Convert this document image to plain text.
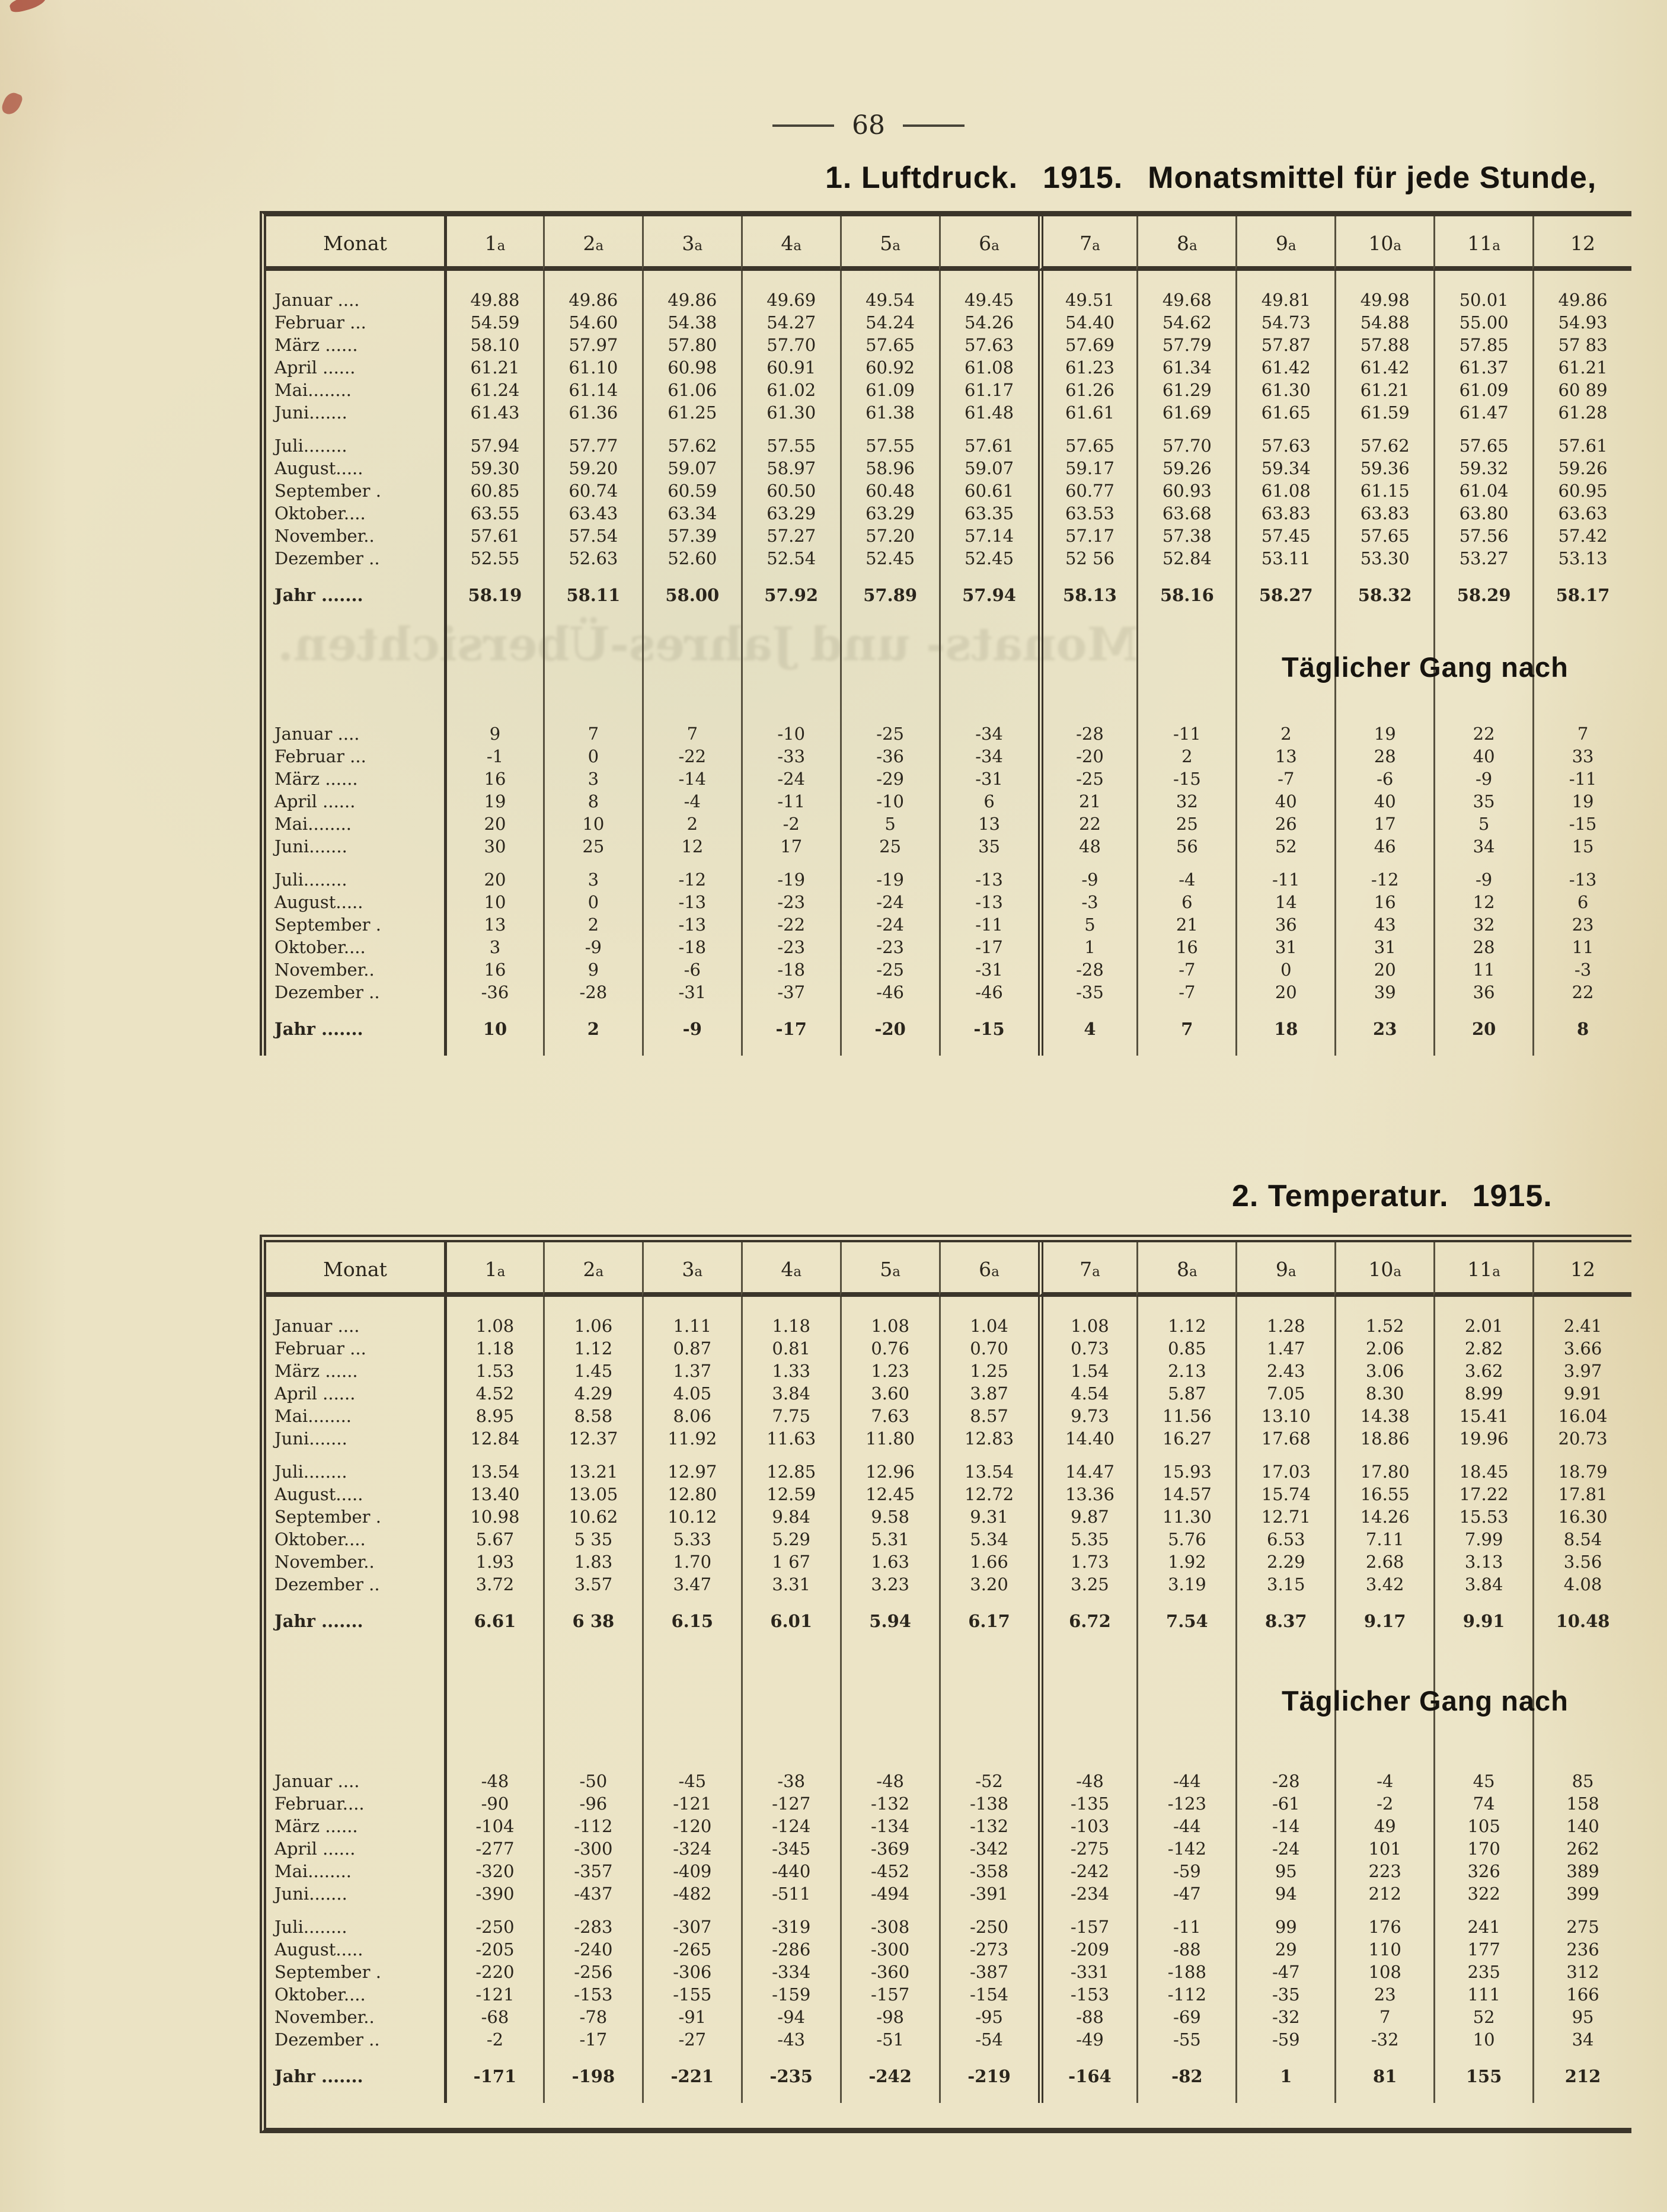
68
1. Luftdruck. 1915. Monatsmittel für jede Stunde,
Monats- und Jahres-Übersichten.
Monat	1a	2a	3a	4a	5a	6a	7a	8a	9a	10a	11a	12
Januar ....	49.88	49.86	49.86	49.69	49.54	49.45	49.51	49.68	49.81	49.98	50.01	49.86
Februar ...	54.59	54.60	54.38	54.27	54.24	54.26	54.40	54.62	54.73	54.88	55.00	54.93
März ......	58.10	57.97	57.80	57.70	57.65	57.63	57.69	57.79	57.87	57.88	57.85	57 83
April ......	61.21	61.10	60.98	60.91	60.92	61.08	61.23	61.34	61.42	61.42	61.37	61.21
Mai........	61.24	61.14	61.06	61.02	61.09	61.17	61.26	61.29	61.30	61.21	61.09	60 89
Juni.......	61.43	61.36	61.25	61.30	61.38	61.48	61.61	61.69	61.65	61.59	61.47	61.28
Juli........	57.94	57.77	57.62	57.55	57.55	57.61	57.65	57.70	57.63	57.62	57.65	57.61
August.....	59.30	59.20	59.07	58.97	58.96	59.07	59.17	59.26	59.34	59.36	59.32	59.26
September .	60.85	60.74	60.59	60.50	60.48	60.61	60.77	60.93	61.08	61.15	61.04	60.95
Oktober....	63.55	63.43	63.34	63.29	63.29	63.35	63.53	63.68	63.83	63.83	63.80	63.63
November..	57.61	57.54	57.39	57.27	57.20	57.14	57.17	57.38	57.45	57.65	57.56	57.42
Dezember ..	52.55	52.63	52.60	52.54	52.45	52.45	52 56	52.84	53.11	53.30	53.27	53.13
Jahr .......	58.19	58.11	58.00	57.92	57.89	57.94	58.13	58.16	58.27	58.32	58.29	58.17
Januar ....	9	7	7	-10	-25	-34	-28	-11	2	19	22	7
Februar ...	-1	0	-22	-33	-36	-34	-20	2	13	28	40	33
März ......	16	3	-14	-24	-29	-31	-25	-15	-7	-6	-9	-11
April ......	19	8	-4	-11	-10	6	21	32	40	40	35	19
Mai........	20	10	2	-2	5	13	22	25	26	17	5	-15
Juni.......	30	25	12	17	25	35	48	56	52	46	34	15
Juli........	20	3	-12	-19	-19	-13	-9	-4	-11	-12	-9	-13
August.....	10	0	-13	-23	-24	-13	-3	6	14	16	12	6
September .	13	2	-13	-22	-24	-11	5	21	36	43	32	23
Oktober....	3	-9	-18	-23	-23	-17	1	16	31	31	28	11
November..	16	9	-6	-18	-25	-31	-28	-7	0	20	11	-3
Dezember ..	-36	-28	-31	-37	-46	-46	-35	-7	20	39	36	22
Jahr .......	10	2	-9	-17	-20	-15	4	7	18	23	20	8
Täglicher Gang nach
2. Temperatur. 1915.
Monat	1a	2a	3a	4a	5a	6a	7a	8a	9a	10a	11a	12
Januar ....	1.08	1.06	1.11	1.18	1.08	1.04	1.08	1.12	1.28	1.52	2.01	2.41
Februar ...	1.18	1.12	0.87	0.81	0.76	0.70	0.73	0.85	1.47	2.06	2.82	3.66
März ......	1.53	1.45	1.37	1.33	1.23	1.25	1.54	2.13	2.43	3.06	3.62	3.97
April ......	4.52	4.29	4.05	3.84	3.60	3.87	4.54	5.87	7.05	8.30	8.99	9.91
Mai........	8.95	8.58	8.06	7.75	7.63	8.57	9.73	11.56	13.10	14.38	15.41	16.04
Juni.......	12.84	12.37	11.92	11.63	11.80	12.83	14.40	16.27	17.68	18.86	19.96	20.73
Juli........	13.54	13.21	12.97	12.85	12.96	13.54	14.47	15.93	17.03	17.80	18.45	18.79
August.....	13.40	13.05	12.80	12.59	12.45	12.72	13.36	14.57	15.74	16.55	17.22	17.81
September .	10.98	10.62	10.12	9.84	9.58	9.31	9.87	11.30	12.71	14.26	15.53	16.30
Oktober....	5.67	5 35	5.33	5.29	5.31	5.34	5.35	5.76	6.53	7.11	7.99	8.54
November..	1.93	1.83	1.70	1 67	1.63	1.66	1.73	1.92	2.29	2.68	3.13	3.56
Dezember ..	3.72	3.57	3.47	3.31	3.23	3.20	3.25	3.19	3.15	3.42	3.84	4.08
Jahr .......	6.61	6 38	6.15	6.01	5.94	6.17	6.72	7.54	8.37	9.17	9.91	10.48
Januar ....	-48	-50	-45	-38	-48	-52	-48	-44	-28	-4	45	85
Februar....	-90	-96	-121	-127	-132	-138	-135	-123	-61	-2	74	158
März ......	-104	-112	-120	-124	-134	-132	-103	-44	-14	49	105	140
April ......	-277	-300	-324	-345	-369	-342	-275	-142	-24	101	170	262
Mai........	-320	-357	-409	-440	-452	-358	-242	-59	95	223	326	389
Juni.......	-390	-437	-482	-511	-494	-391	-234	-47	94	212	322	399
Juli........	-250	-283	-307	-319	-308	-250	-157	-11	99	176	241	275
August.....	-205	-240	-265	-286	-300	-273	-209	-88	29	110	177	236
September .	-220	-256	-306	-334	-360	-387	-331	-188	-47	108	235	312
Oktober....	-121	-153	-155	-159	-157	-154	-153	-112	-35	23	111	166
November..	-68	-78	-91	-94	-98	-95	-88	-69	-32	7	52	95
Dezember ..	-2	-17	-27	-43	-51	-54	-49	-55	-59	-32	10	34
Jahr .......	-171	-198	-221	-235	-242	-219	-164	-82	1	81	155	212
Täglicher Gang nach
